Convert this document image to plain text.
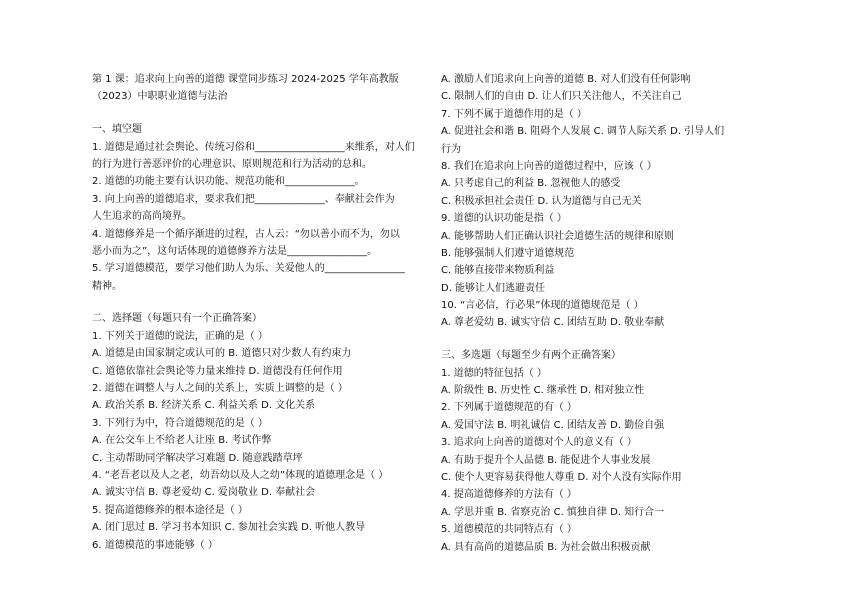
第 1 课：追求向上向善的道德 课堂同步练习 2024-2025 学年高教版
（2023）中职职业道德与法治
一、填空题
1. 道德是通过社会舆论、传统习俗和__________________来维系，对人们
的行为进行善恶评价的心理意识、原则规范和行为活动的总和。
2. 道德的功能主要有认识功能、规范功能和______________。
3. 向上向善的道德追求，要求我们把______________、奉献社会作为
人生追求的高尚境界。
4. 道德修养是一个循序渐进的过程，古人云：“勿以善小而不为，勿以
恶小而为之”，这句话体现的道德修养方法是________________。
5. 学习道德模范，要学习他们助人为乐、关爱他人的________________
精神。
二、选择题（每题只有一个正确答案）
1. 下列关于道德的说法，正确的是（ ）
A. 道德是由国家制定或认可的 B. 道德只对少数人有约束力
C. 道德依靠社会舆论等力量来维持 D. 道德没有任何作用
2. 道德在调整人与人之间的关系上，实质上调整的是（ ）
A. 政治关系 B. 经济关系 C. 利益关系 D. 文化关系
3. 下列行为中，符合道德规范的是（ ）
A. 在公交车上不给老人让座 B. 考试作弊
C. 主动帮助同学解决学习难题 D. 随意践踏草坪
4. “老吾老以及人之老，幼吾幼以及人之幼”体现的道德理念是（ ）
A. 诚实守信 B. 尊老爱幼 C. 爱岗敬业 D. 奉献社会
5. 提高道德修养的根本途径是（ ）
A. 闭门思过 B. 学习书本知识 C. 参加社会实践 D. 听他人教导
6. 道德模范的事迹能够（ ）
A. 激励人们追求向上向善的道德 B. 对人们没有任何影响
C. 限制人们的自由 D. 让人们只关注他人，不关注自己
7. 下列不属于道德作用的是（ ）
A. 促进社会和谐 B. 阻碍个人发展 C. 调节人际关系 D. 引导人们
行为
8. 我们在追求向上向善的道德过程中，应该（ ）
A. 只考虑自己的利益 B. 忽视他人的感受
C. 积极承担社会责任 D. 认为道德与自己无关
9. 道德的认识功能是指（ ）
A. 能够帮助人们正确认识社会道德生活的规律和原则
B. 能够强制人们遵守道德规范
C. 能够直接带来物质利益
D. 能够让人们逃避责任
10. “言必信，行必果”体现的道德规范是（ ）
A. 尊老爱幼 B. 诚实守信 C. 团结互助 D. 敬业奉献
三、多选题（每题至少有两个正确答案）
1. 道德的特征包括（ ）
A. 阶级性 B. 历史性 C. 继承性 D. 相对独立性
2. 下列属于道德规范的有（ ）
A. 爱国守法 B. 明礼诚信 C. 团结友善 D. 勤俭自强
3. 追求向上向善的道德对个人的意义有（ ）
A. 有助于提升个人品德 B. 能促进个人事业发展
C. 使个人更容易获得他人尊重 D. 对个人没有实际作用
4. 提高道德修养的方法有（ ）
A. 学思并重 B. 省察克治 C. 慎独自律 D. 知行合一
5. 道德模范的共同特点有（ ）
A. 具有高尚的道德品质 B. 为社会做出积极贡献
